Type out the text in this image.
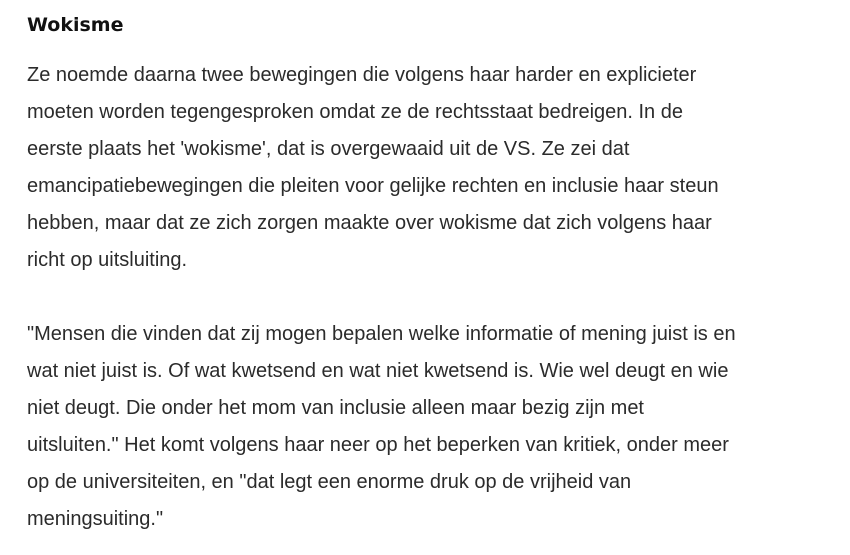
Wokisme

Ze noemde daarna twee bewegingen die volgens haar harder en explicieter
moeten worden tegengesproken omdat ze de rechtsstaat bedreigen. In de
eerste plaats het 'wokisme', dat is overgewaaid uit de VS. Ze zei dat
emancipatiebewegingen die pleiten voor gelijke rechten en inclusie haar steun
hebben, maar dat ze zich zorgen maakte over wokisme dat zich volgens haar
richt op uitsluiting.

"Mensen die vinden dat zij mogen bepalen welke informatie of mening juist is en
wat niet juist is. Of wat kwetsend en wat niet kwetsend is. Wie wel deugt en wie
niet deugt. Die onder het mom van inclusie alleen maar bezig zijn met
uitsluiten." Het komt volgens haar neer op het beperken van kritiek, onder meer
op de universiteiten, en "dat legt een enorme druk op de vrijheid van
meningsuiting."
